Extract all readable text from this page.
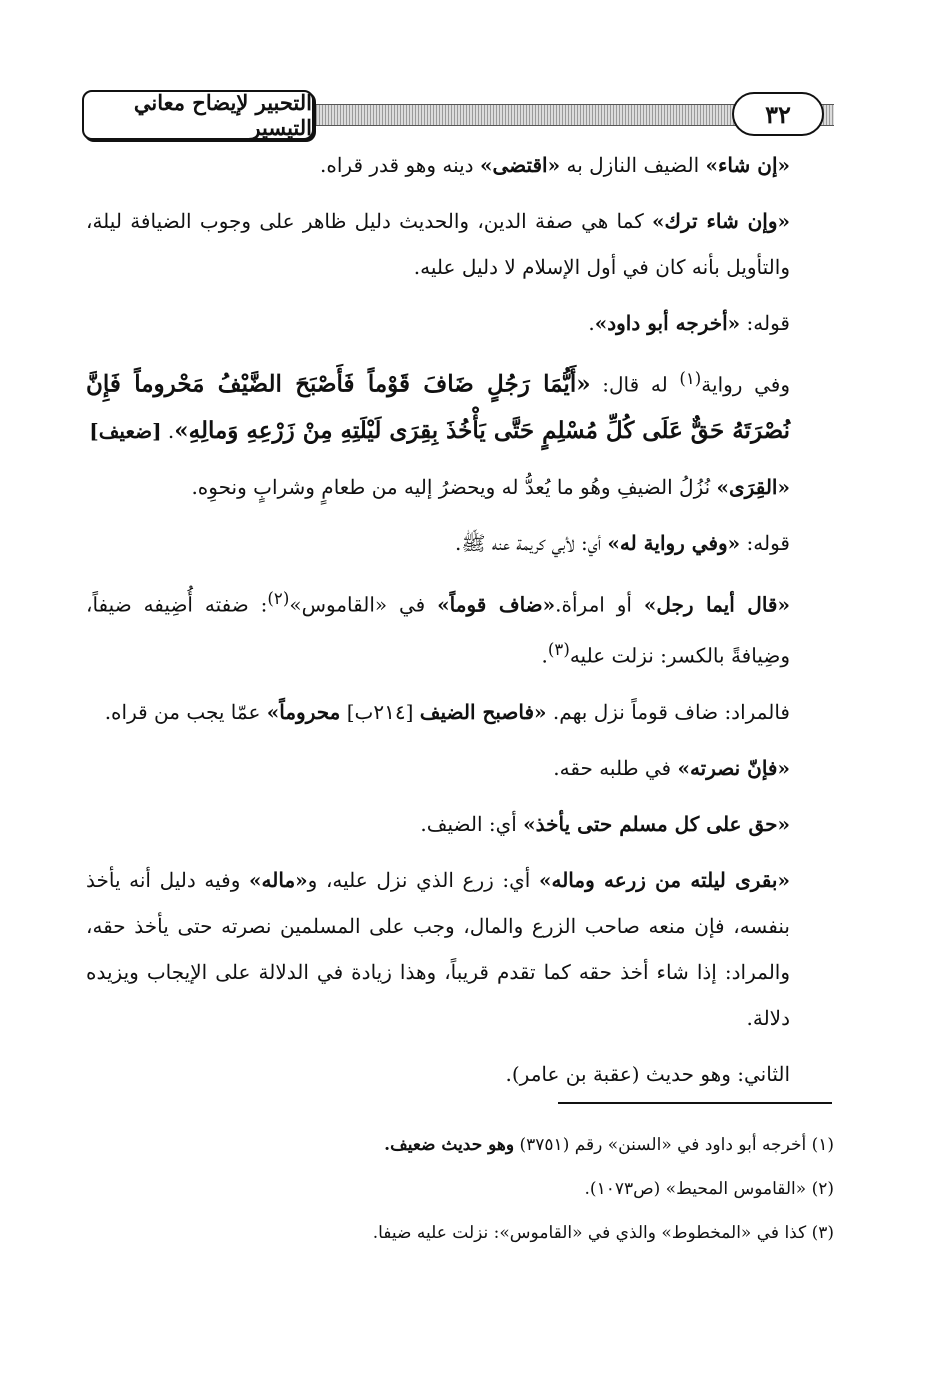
التحبير لإيضاح معاني التيسير	٣٢

«إن شاء» الضيف النازل به «اقتضى» دينه وهو قدر قراه.

«وإن شاء ترك» كما هي صفة الدين، والحديث دليل ظاهر على وجوب الضيافة ليلة، والتأويل بأنه كان في أول الإسلام لا دليل عليه.

قوله: «أخرجه أبو داود».

وفي رواية$^{(١)}$ له قال: «أَيُّمَا رَجُلٍ ضَافَ قَوْماً فَأَصْبَحَ الضَّيْفُ مَحْروماً فَإِنَّ نُصْرَتَهُ حَقٌّ عَلَى كُلِّ مُسْلِمٍ حَتَّى يَأْخُذَ بِقِرَى لَيْلَتِهِ مِنْ زَرْعِهِ وَمالِهِ». [ضعيف]

«القِرَى» نُزُلُ الضيفِ وهُو ما يُعدُّ له ويحضرُ إليه من طعامٍ وشرابٍ ونحوِه.

قوله: «وفي رواية له» أي: لأبي كريمة عنه ﷺ.

«قال أيما رجل» أو امرأة.«ضاف قوماً» في «القاموس»$^{(٢)}$: ضفته أُضِيفه ضيفاً، وضِيافةً بالكسر: نزلت عليه$^{(٣)}$.

فالمراد: ضاف قوماً نزل بهم. «فاصبح الضيف [٢١٤ب] محروماً» عمّا يجب من قراه.

«فإنّ نصرته» في طلبه حقه.

«حق على كل مسلم حتى يأخذ» أي: الضيف.

«بقرى ليلته من زرعه وماله» أي: زرع الذي نزل عليه، و«ماله» وفيه دليل أنه يأخذ بنفسه، فإن منعه صاحب الزرع والمال، وجب على المسلمين نصرته حتى يأخذ حقه، والمراد: إذا شاء أخذ حقه كما تقدم قريباً، وهذا زيادة في الدلالة على الإيجاب ويزيده دلالة.

الثاني: وهو حديث (عقبة بن عامر).

(١) أخرجه أبو داود في «السنن» رقم (٣٧٥١) وهو حديث ضعيف.

(٢) «القاموس المحيط» (ص١٠٧٣).

(٣) كذا في «المخطوط» والذي في «القاموس»: نزلت عليه ضيفا.
